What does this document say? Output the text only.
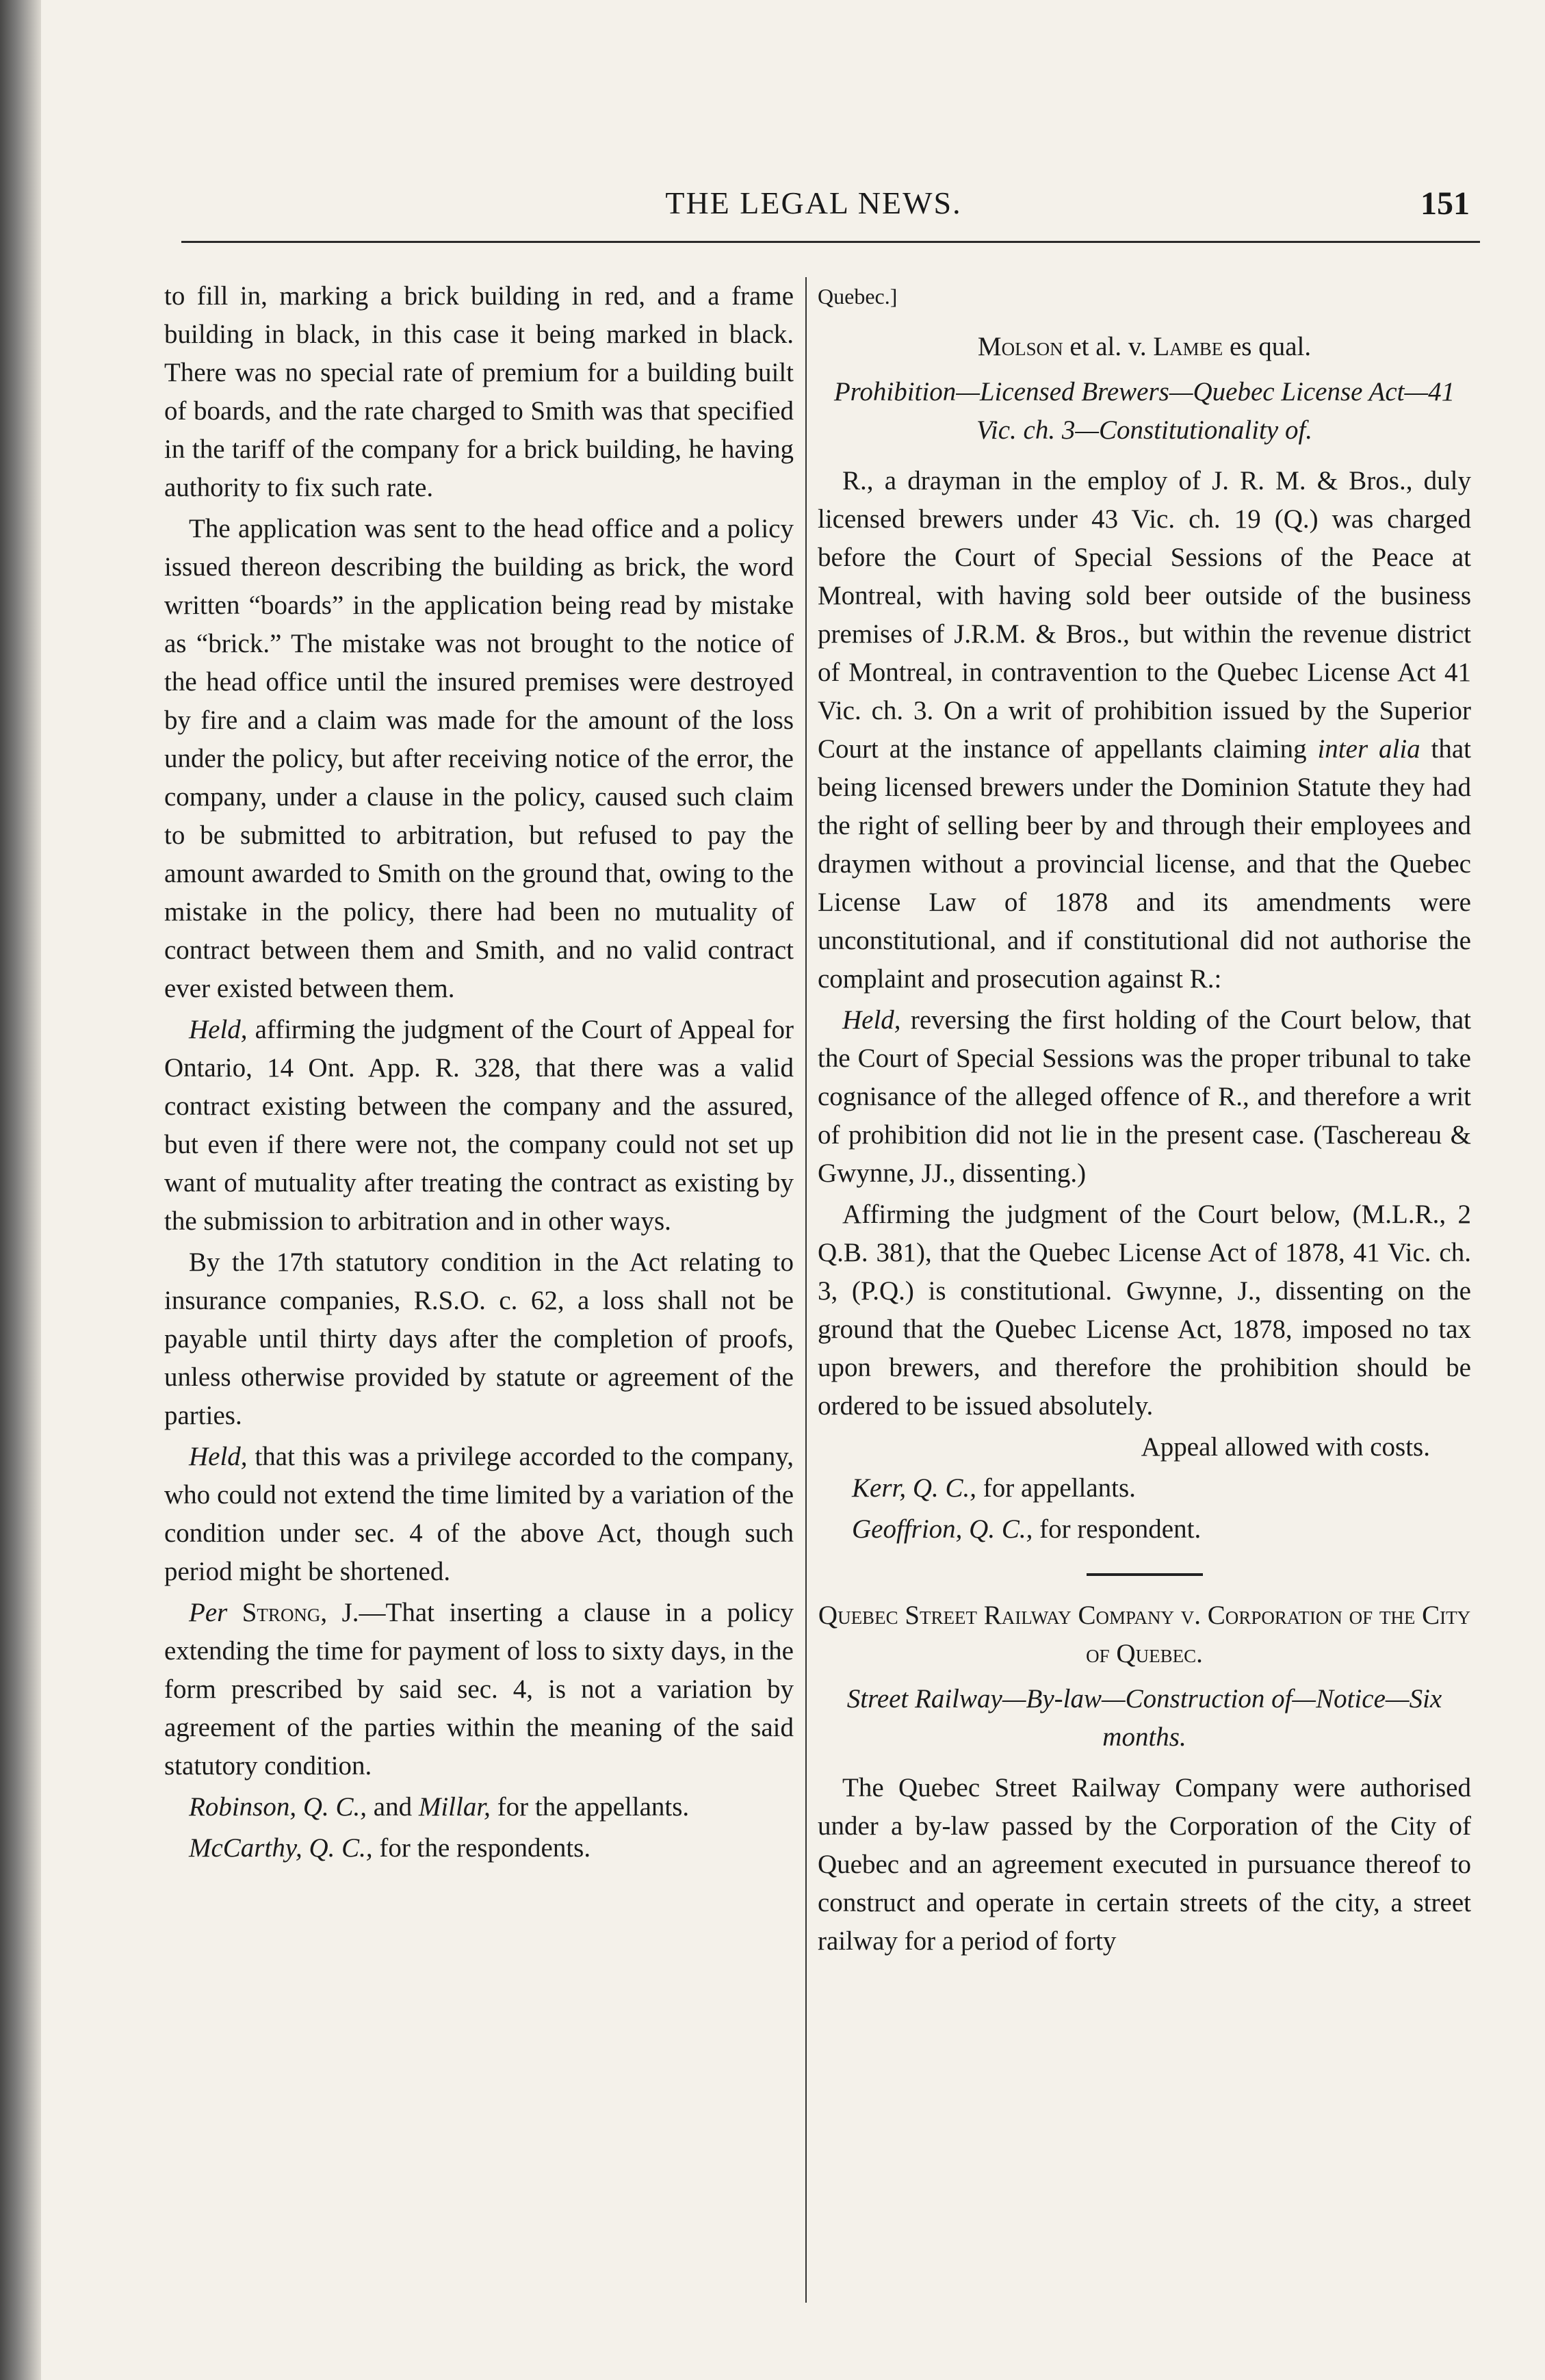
THE LEGAL NEWS.	151

to fill in, marking a brick building in red, and a frame building in black, in this case it being marked in black. There was no special rate of premium for a building built of boards, and the rate charged to Smith was that specified in the tariff of the company for a brick building, he having authority to fix such rate.

The application was sent to the head office and a policy issued thereon describing the building as brick, the word written “boards” in the application being read by mistake as “brick.” The mistake was not brought to the notice of the head office until the insured premises were destroyed by fire and a claim was made for the amount of the loss under the policy, but after receiving notice of the error, the company, under a clause in the policy, caused such claim to be submitted to arbitration, but refused to pay the amount awarded to Smith on the ground that, owing to the mistake in the policy, there had been no mutuality of contract between them and Smith, and no valid contract ever existed between them.

Held, affirming the judgment of the Court of Appeal for Ontario, 14 Ont. App. R. 328, that there was a valid contract existing between the company and the assured, but even if there were not, the company could not set up want of mutuality after treating the contract as existing by the submission to arbitration and in other ways.

By the 17th statutory condition in the Act relating to insurance companies, R.S.O. c. 62, a loss shall not be payable until thirty days after the completion of proofs, unless otherwise provided by statute or agreement of the parties.

Held, that this was a privilege accorded to the company, who could not extend the time limited by a variation of the condition under sec. 4 of the above Act, though such period might be shortened.

Per Strong, J.—That inserting a clause in a policy extending the time for payment of loss to sixty days, in the form prescribed by said sec. 4, is not a variation by agreement of the parties within the meaning of the said statutory condition.

Robinson, Q. C., and Millar, for the appellants.

McCarthy, Q. C., for the respondents.

Quebec.]

Molson et al. v. Lambe es qual.

Prohibition—Licensed Brewers—Quebec License Act—41 Vic. ch. 3—Constitutionality of.

R., a drayman in the employ of J. R. M. & Bros., duly licensed brewers under 43 Vic. ch. 19 (Q.) was charged before the Court of Special Sessions of the Peace at Montreal, with having sold beer outside of the business premises of J.R.M. & Bros., but within the revenue district of Montreal, in contravention to the Quebec License Act 41 Vic. ch. 3. On a writ of prohibition issued by the Superior Court at the instance of appellants claiming inter alia that being licensed brewers under the Dominion Statute they had the right of selling beer by and through their employees and draymen without a provincial license, and that the Quebec License Law of 1878 and its amendments were unconstitutional, and if constitutional did not authorise the complaint and prosecution against R.:

Held, reversing the first holding of the Court below, that the Court of Special Sessions was the proper tribunal to take cognisance of the alleged offence of R., and therefore a writ of prohibition did not lie in the present case. (Taschereau & Gwynne, JJ., dissenting.)

Affirming the judgment of the Court below, (M.L.R., 2 Q.B. 381), that the Quebec License Act of 1878, 41 Vic. ch. 3, (P.Q.) is constitutional. Gwynne, J., dissenting on the ground that the Quebec License Act, 1878, imposed no tax upon brewers, and therefore the prohibition should be ordered to be issued absolutely.

Appeal allowed with costs.

Kerr, Q. C., for appellants.

Geoffrion, Q. C., for respondent.

Quebec Street Railway Company v. Corporation of the City of Quebec.

Street Railway—By-law—Construction of—Notice—Six months.

The Quebec Street Railway Company were authorised under a by-law passed by the Corporation of the City of Quebec and an agreement executed in pursuance thereof to construct and operate in certain streets of the city, a street railway for a period of forty
